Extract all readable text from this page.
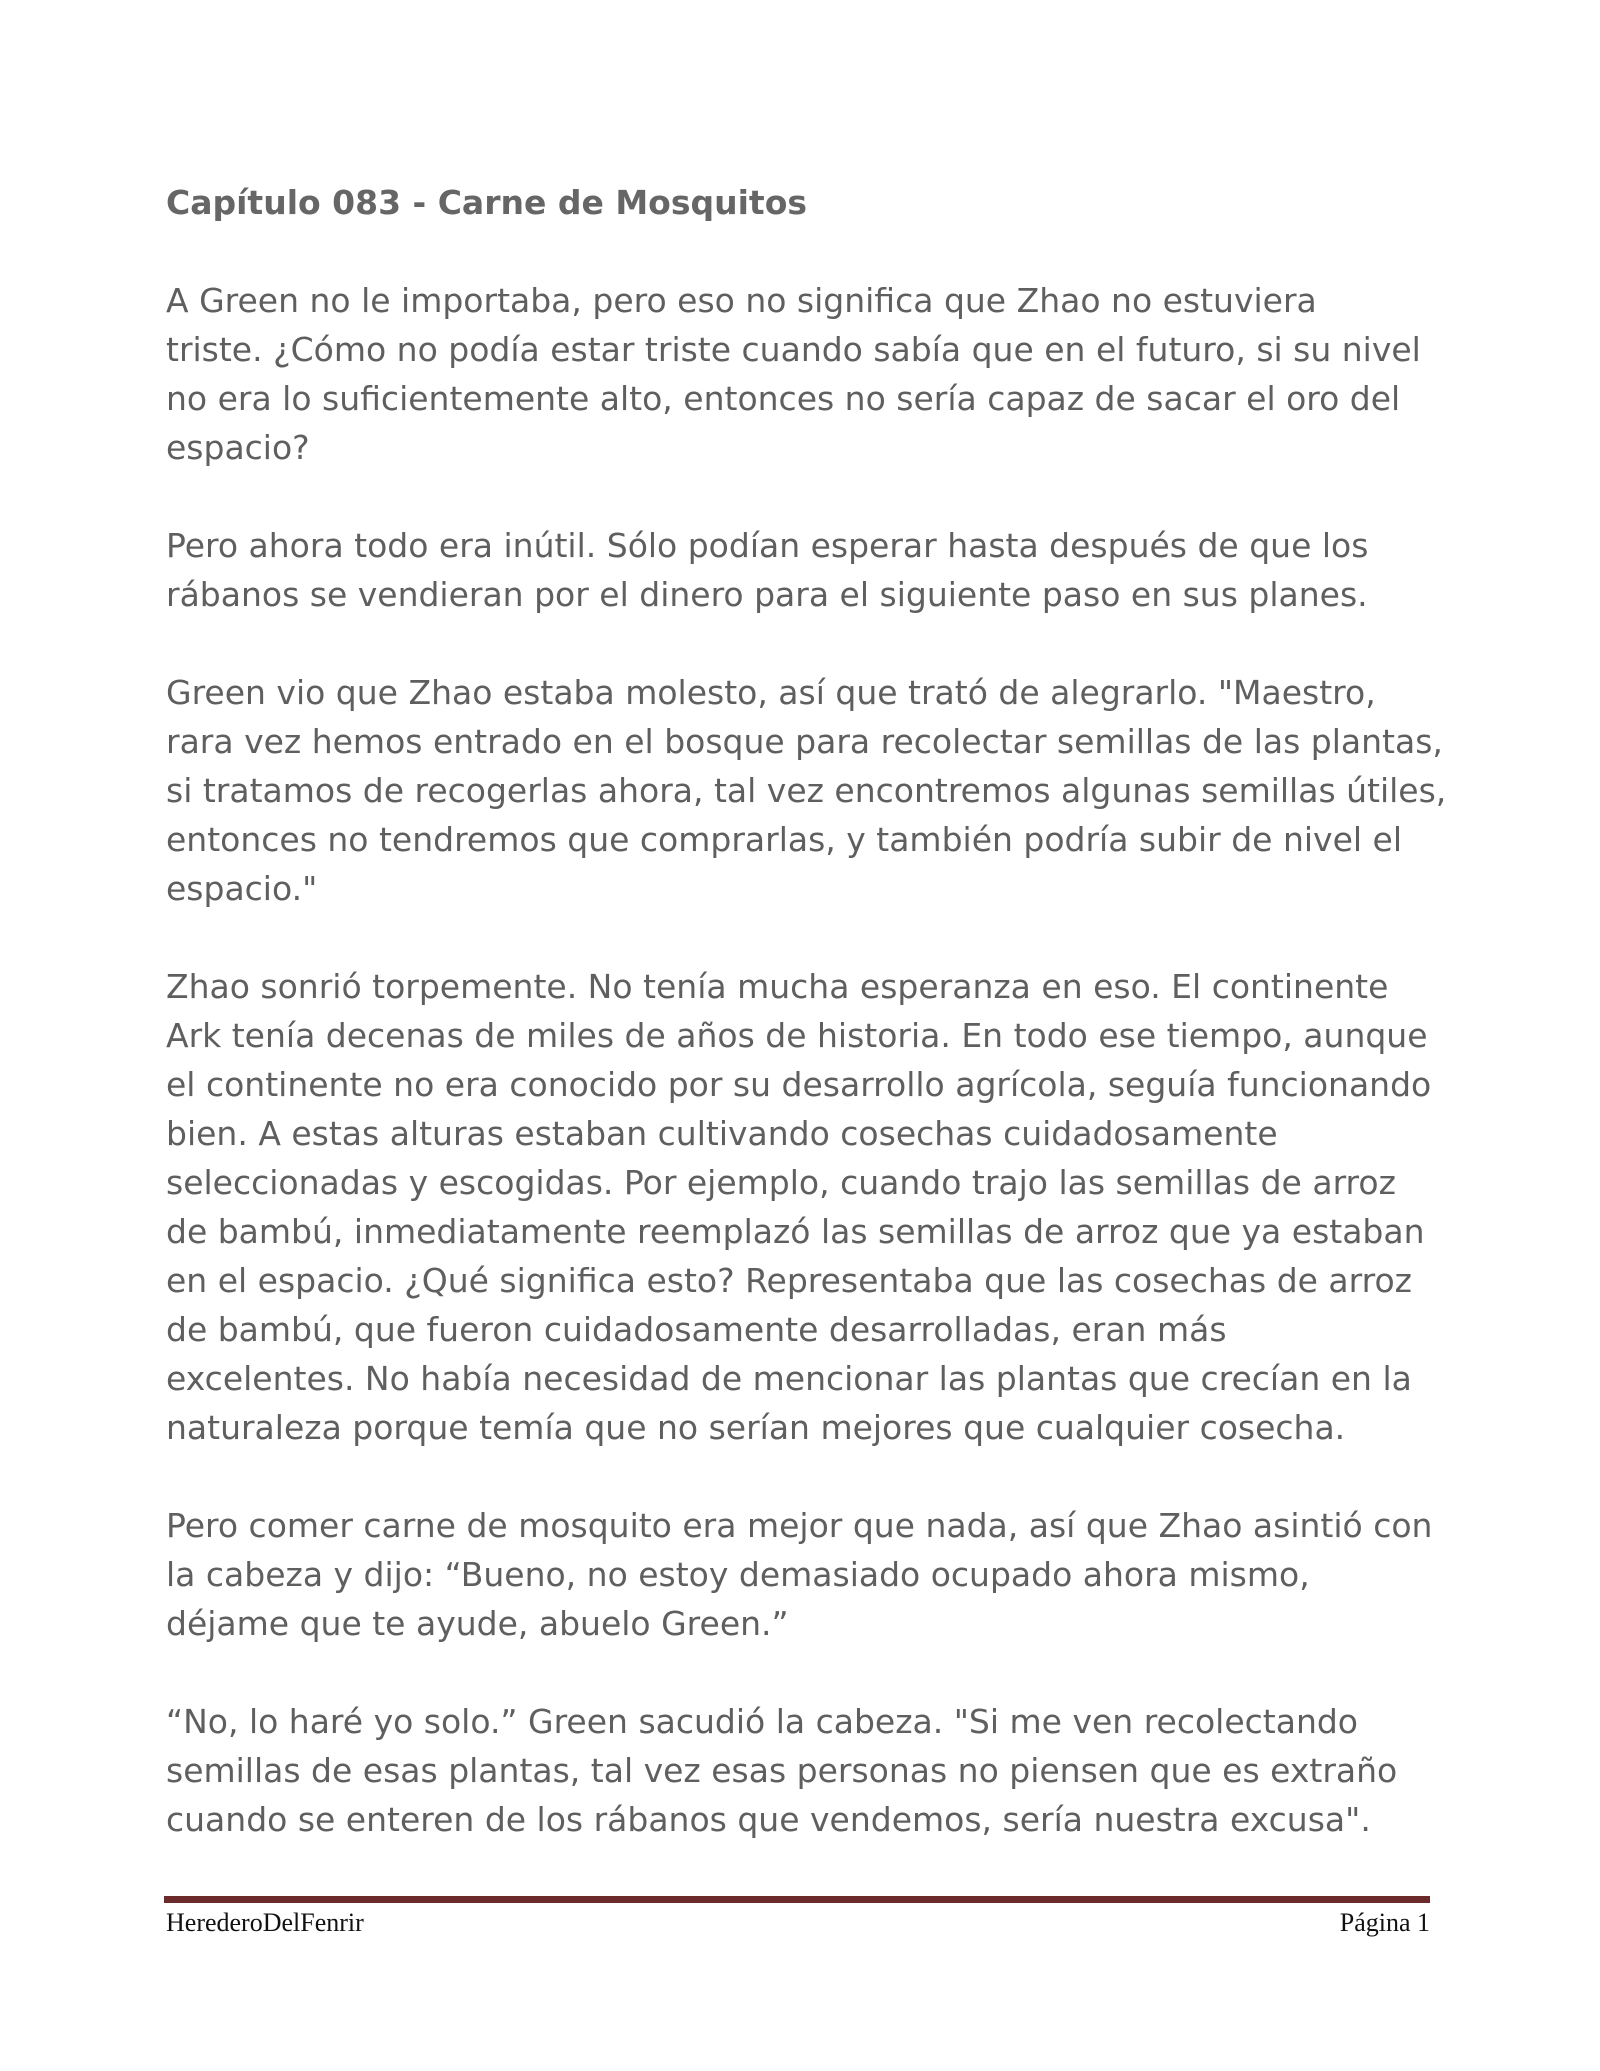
Capítulo 083 - Carne de Mosquitos
A Green no le importaba, pero eso no significa que Zhao no estuviera
triste. ¿Cómo no podía estar triste cuando sabía que en el futuro, si su nivel
no era lo suficientemente alto, entonces no sería capaz de sacar el oro del
espacio?
Pero ahora todo era inútil. Sólo podían esperar hasta después de que los
rábanos se vendieran por el dinero para el siguiente paso en sus planes.
Green vio que Zhao estaba molesto, así que trató de alegrarlo. "Maestro,
rara vez hemos entrado en el bosque para recolectar semillas de las plantas,
si tratamos de recogerlas ahora, tal vez encontremos algunas semillas útiles,
entonces no tendremos que comprarlas, y también podría subir de nivel el
espacio."
Zhao sonrió torpemente. No tenía mucha esperanza en eso. El continente
Ark tenía decenas de miles de años de historia. En todo ese tiempo, aunque
el continente no era conocido por su desarrollo agrícola, seguía funcionando
bien. A estas alturas estaban cultivando cosechas cuidadosamente
seleccionadas y escogidas. Por ejemplo, cuando trajo las semillas de arroz
de bambú, inmediatamente reemplazó las semillas de arroz que ya estaban
en el espacio. ¿Qué significa esto? Representaba que las cosechas de arroz
de bambú, que fueron cuidadosamente desarrolladas, eran más
excelentes. No había necesidad de mencionar las plantas que crecían en la
naturaleza porque temía que no serían mejores que cualquier cosecha.
Pero comer carne de mosquito era mejor que nada, así que Zhao asintió con
la cabeza y dijo: “Bueno, no estoy demasiado ocupado ahora mismo,
déjame que te ayude, abuelo Green.”
“No, lo haré yo solo.” Green sacudió la cabeza. "Si me ven recolectando
semillas de esas plantas, tal vez esas personas no piensen que es extraño
cuando se enteren de los rábanos que vendemos, sería nuestra excusa".
HerederoDelFenrir	Página 1
